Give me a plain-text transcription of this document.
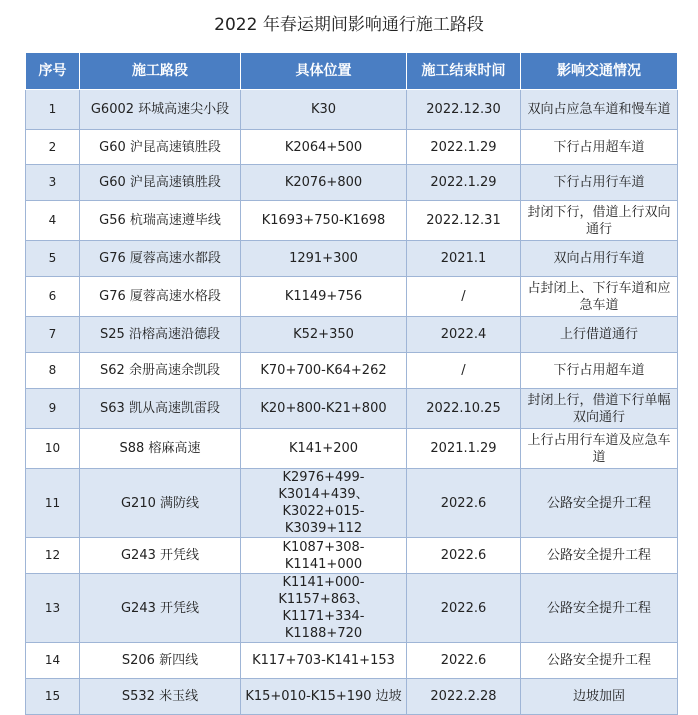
2022 年春运期间影响通行施工路段
序号	施工路段	具体位置	施工结束时间	影响交通情况
1	G6002 环城高速尖小段	K30	2022.12.30	双向占应急车道和慢车道
2	G60 沪昆高速镇胜段	K2064+500	2022.1.29	下行占用超车道
3	G60 沪昆高速镇胜段	K2076+800	2022.1.29	下行占用行车道
4	G56 杭瑞高速遵毕线	K1693+750-K1698	2022.12.31	封闭下行，借道上行双向通行
5	G76 厦蓉高速水都段	1291+300	2021.1	双向占用行车道
6	G76 厦蓉高速水格段	K1149+756	/	占封闭上、下行车道和应急车道
7	S25 沿榕高速沿德段	K52+350	2022.4	上行借道通行
8	S62 余册高速余凯段	K70+700-K64+262	/	下行占用超车道
9	S63 凯从高速凯雷段	K20+800-K21+800	2022.10.25	封闭上行，借道下行单幅双向通行
10	S88 榕麻高速	K141+200	2021.1.29	上行占用行车道及应急车道
11	G210 满防线	K2976+499-K3014+439、K3022+015-K3039+112	2022.6	公路安全提升工程
12	G243 开凭线	K1087+308-K1141+000	2022.6	公路安全提升工程
13	G243 开凭线	K1141+000-K1157+863、K1171+334-K1188+720	2022.6	公路安全提升工程
14	S206 新四线	K117+703-K141+153	2022.6	公路安全提升工程
15	S532 米玉线	K15+010-K15+190 边坡	2022.2.28	边坡加固
